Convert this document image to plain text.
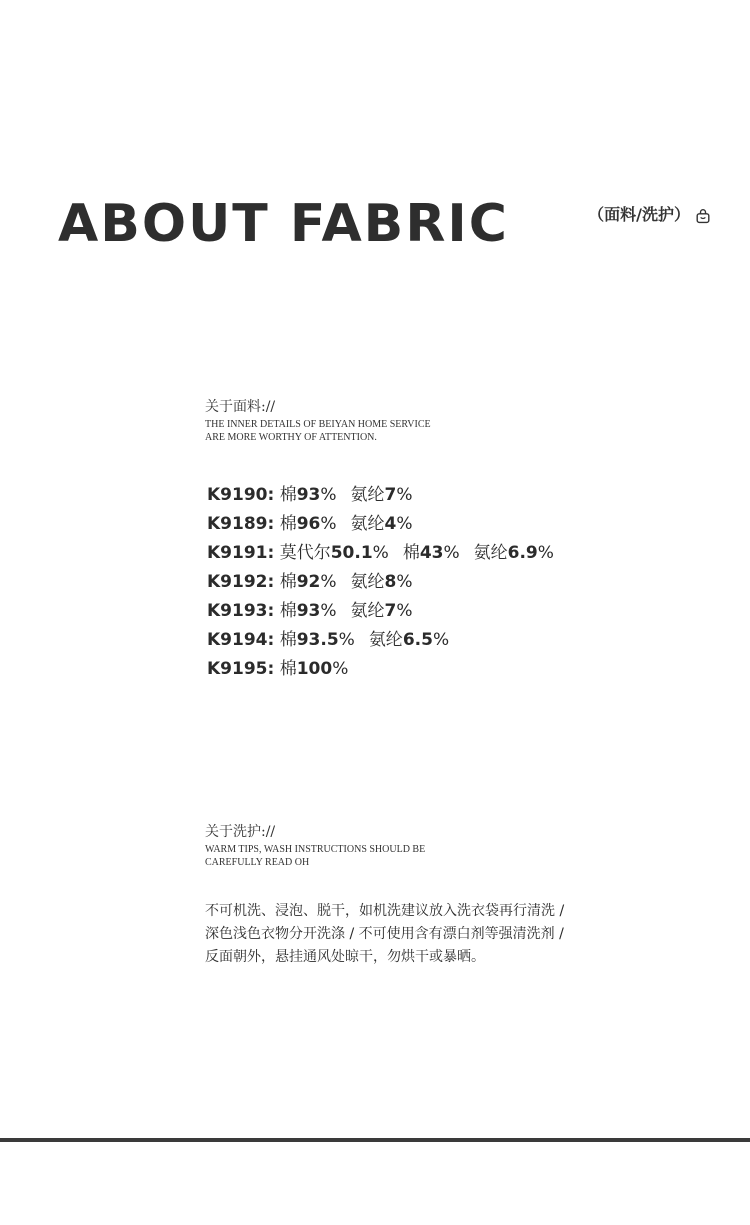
ABOUT FABRIC	（面料/洗护）
关于面料://
THE INNER DETAILS OF BEIYAN HOME SERVICE
ARE MORE WORTHY OF ATTENTION.
K9190: 棉93% 氨纶7%
K9189: 棉96% 氨纶4%
K9191: 莫代尔50.1% 棉43% 氨纶6.9%
K9192: 棉92% 氨纶8%
K9193: 棉93% 氨纶7%
K9194: 棉93.5% 氨纶6.5%
K9195: 棉100%
关于洗护://
WARM TIPS, WASH INSTRUCTIONS SHOULD BE
CAREFULLY READ OH
不可机洗、浸泡、脱干，如机洗建议放入洗衣袋再行清洗 /
深色浅色衣物分开洗涤 / 不可使用含有漂白剂等强清洗剂 /
反面朝外，悬挂通风处晾干，勿烘干或暴晒。
